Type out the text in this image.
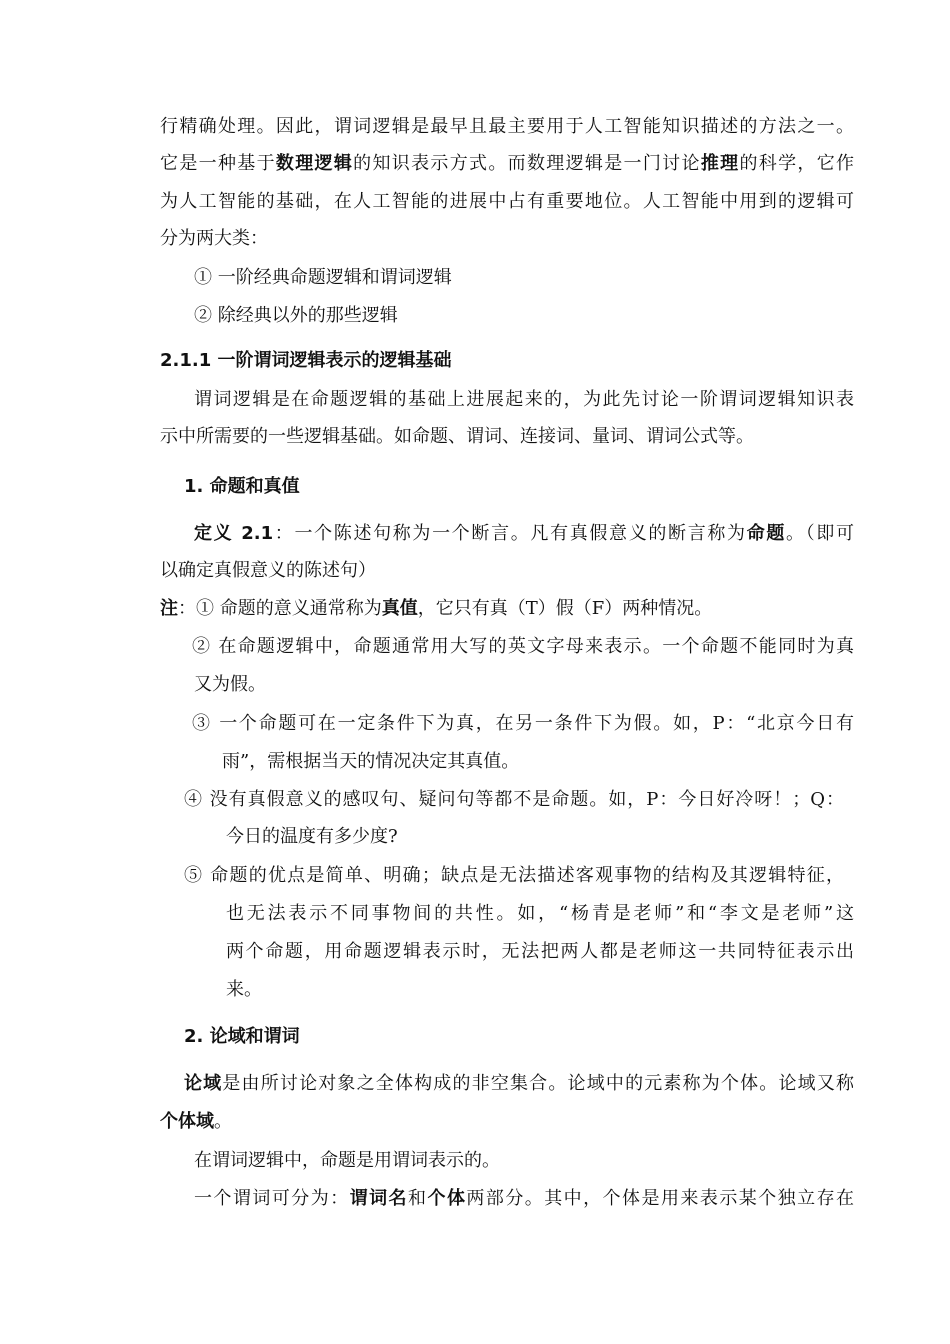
行精确处理。因此，谓词逻辑是最早且最主要用于人工智能知识描述的方法之一。
它是一种基于数理逻辑的知识表示方式。而数理逻辑是一门讨论推理的科学，它作
为人工智能的基础，在人工智能的进展中占有重要地位。人工智能中用到的逻辑可
分为两大类：
① 一阶经典命题逻辑和谓词逻辑
② 除经典以外的那些逻辑
2.1.1 一阶谓词逻辑表示的逻辑基础
谓词逻辑是在命题逻辑的基础上进展起来的，为此先讨论一阶谓词逻辑知识表
示中所需要的一些逻辑基础。如命题、谓词、连接词、量词、谓词公式等。
1. 命题和真值
定义 2.1：一个陈述句称为一个断言。凡有真假意义的断言称为命题。（即可
以确定真假意义的陈述句）
注：① 命题的意义通常称为真值，它只有真（T）假（F）两种情况。
② 在命题逻辑中，命题通常用大写的英文字母来表示。一个命题不能同时为真
又为假。
③ 一个命题可在一定条件下为真，在另一条件下为假。如，P：“北京今日有
雨”，需根据当天的情况决定其真值。
④ 没有真假意义的感叹句、疑问句等都不是命题。如，P：今日好冷呀！；Q：
今日的温度有多少度?
⑤ 命题的优点是简单、明确；缺点是无法描述客观事物的结构及其逻辑特征，
也无法表示不同事物间的共性。如，“杨青是老师”和“李文是老师”这
两个命题，用命题逻辑表示时，无法把两人都是老师这一共同特征表示出
来。
2. 论域和谓词
论域是由所讨论对象之全体构成的非空集合。论域中的元素称为个体。论域又称
个体域。
在谓词逻辑中，命题是用谓词表示的。
一个谓词可分为：谓词名和个体两部分。其中，个体是用来表示某个独立存在
